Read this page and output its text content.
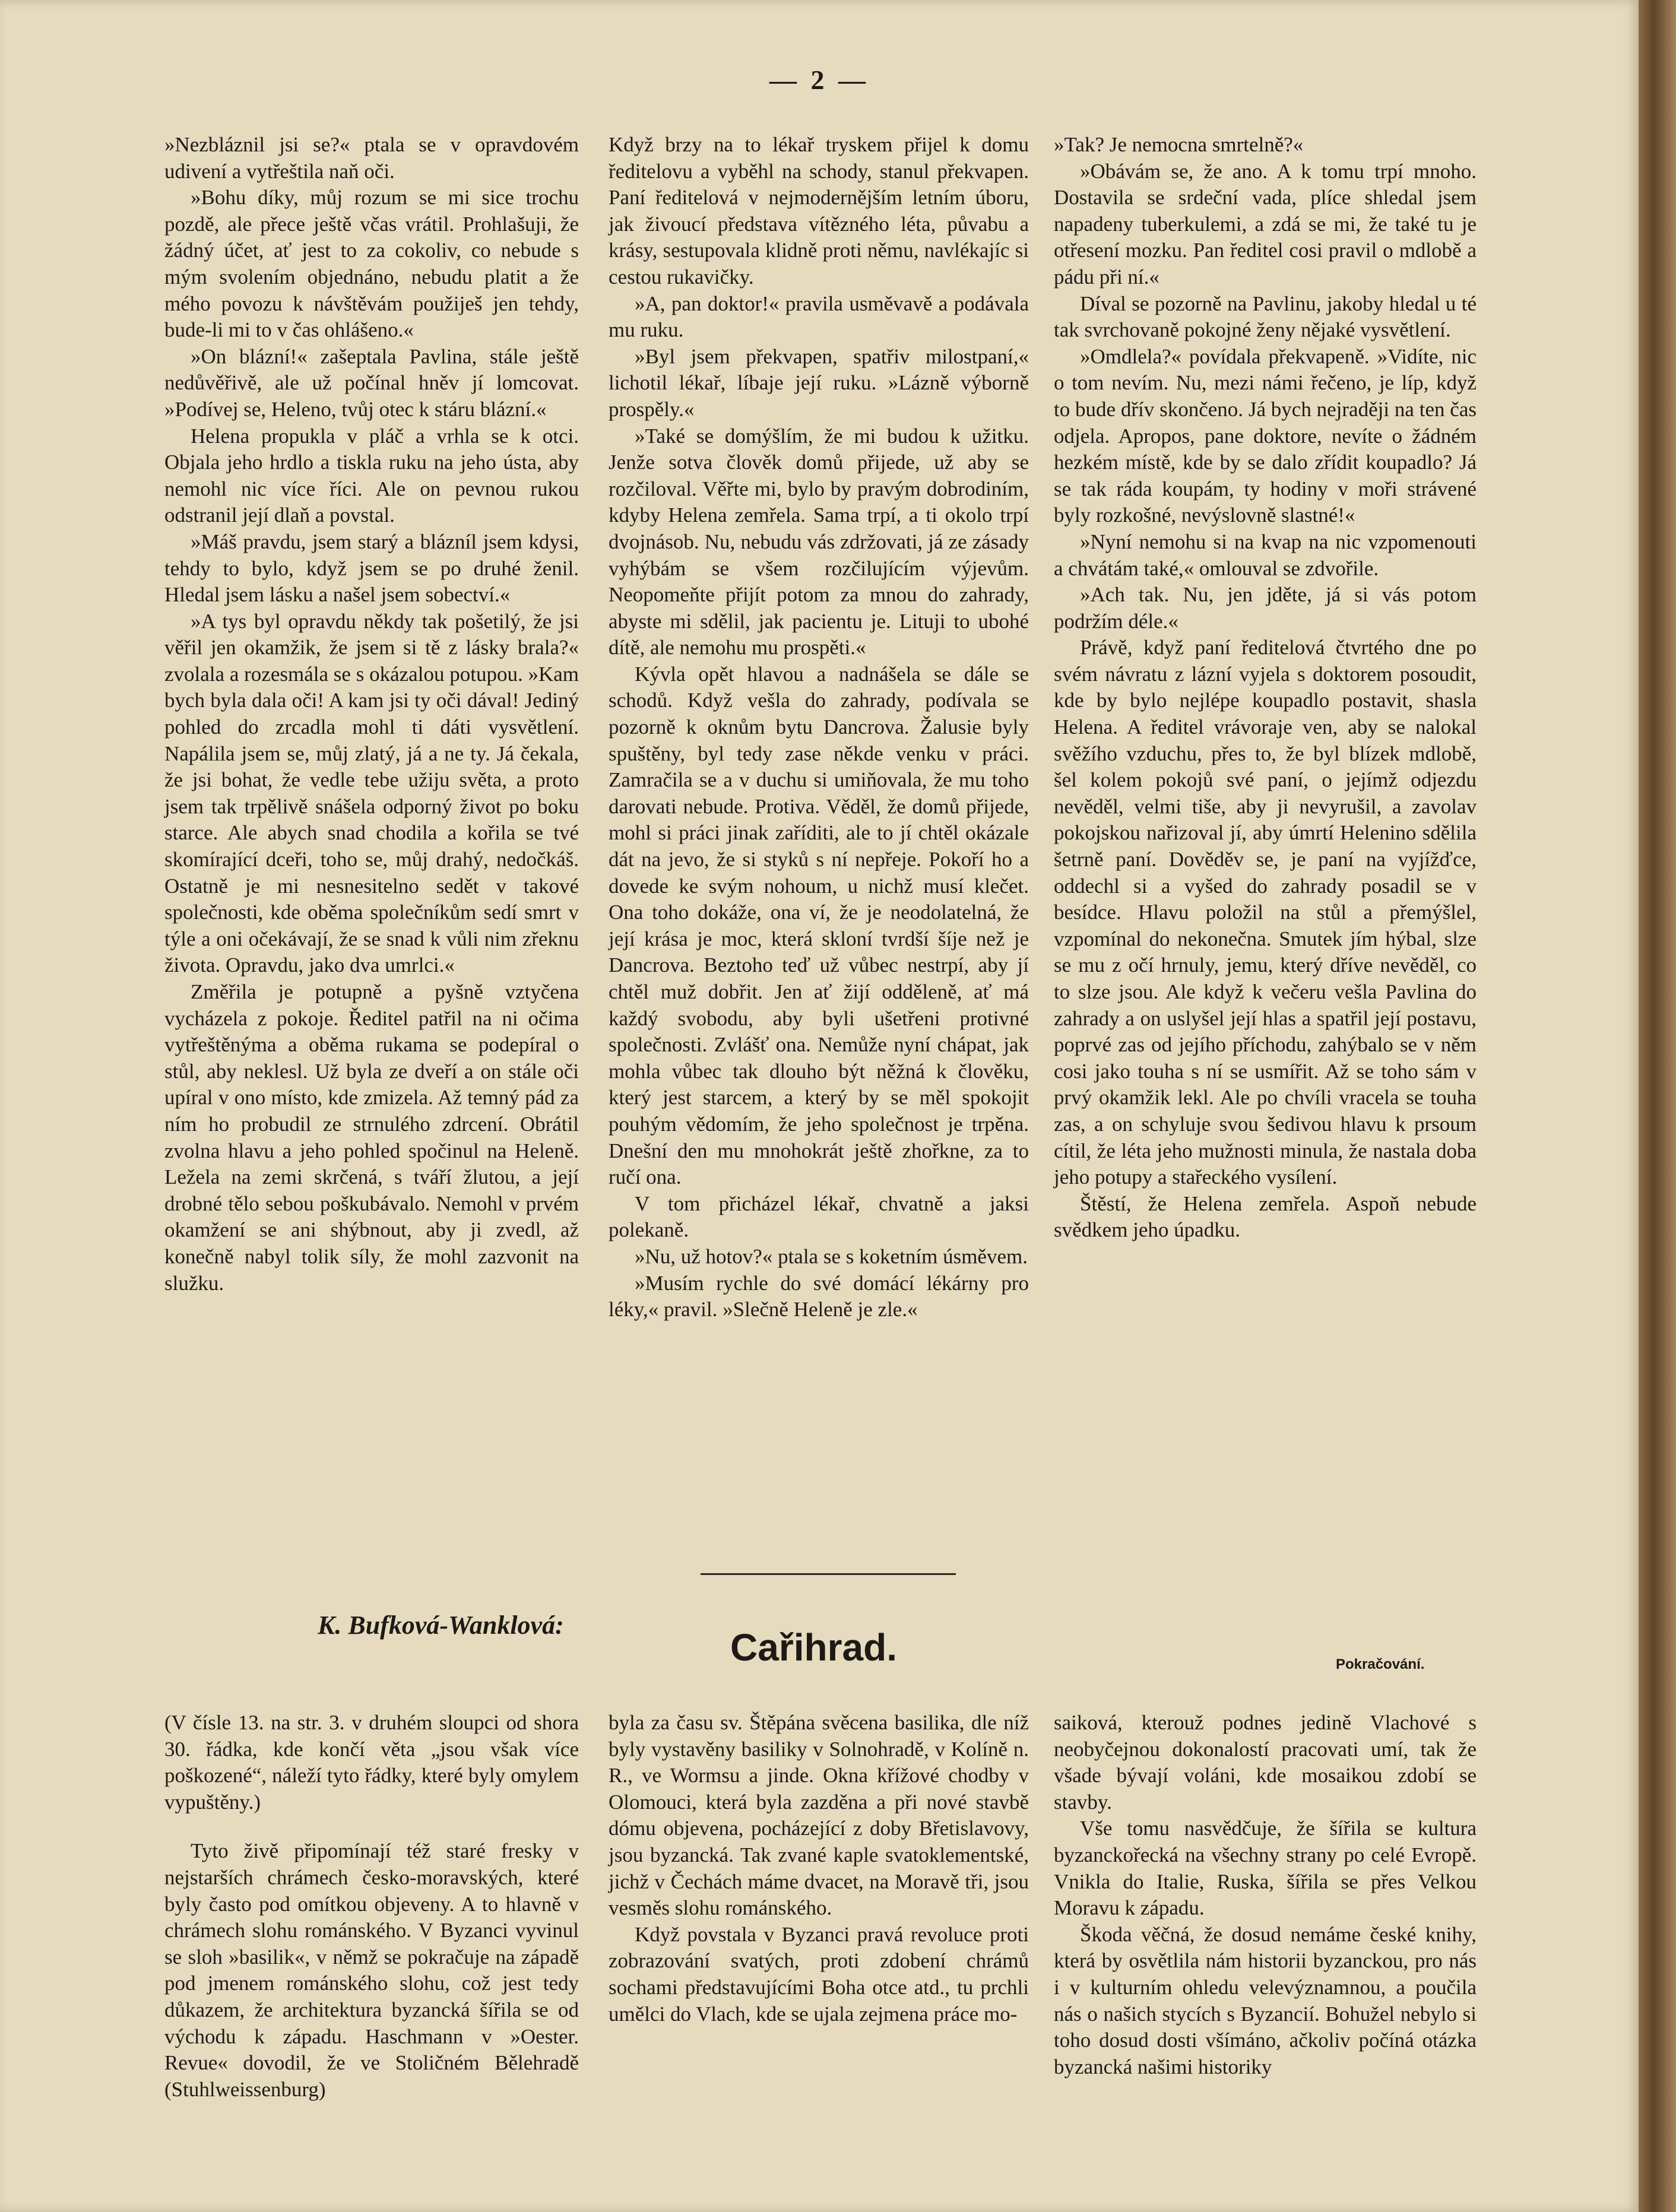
— 2 —

»Nezbláznil jsi se?« ptala se v opravdovém udivení a vytřeštila naň oči.

»Bohu díky, můj rozum se mi sice trochu pozdě, ale přece ještě včas vrátil. Prohlašuji, že žádný účet, ať jest to za cokoliv, co nebude s mým svolením objednáno, nebudu platit a že mého povozu k návštěvám použiješ jen tehdy, bude-li mi to v čas ohlášeno.«

»On blázní!« zašeptala Pavlina, stále ještě nedůvěřivě, ale už počínal hněv jí lomcovat. »Podívej se, Heleno, tvůj otec k stáru blázní.«

Helena propukla v pláč a vrhla se k otci. Objala jeho hrdlo a tiskla ruku na jeho ústa, aby nemohl nic více říci. Ale on pevnou rukou odstranil její dlaň a povstal.

»Máš pravdu, jsem starý a blázníl jsem kdysi, tehdy to bylo, když jsem se po druhé ženil. Hledal jsem lásku a našel jsem sobectví.«

»A tys byl opravdu někdy tak pošetilý, že jsi věřil jen okamžik, že jsem si tě z lásky brala?« zvolala a rozesmála se s okázalou potupou. »Kam bych byla dala oči! A kam jsi ty oči dával! Jediný pohled do zrcadla mohl ti dáti vysvětlení. Napálila jsem se, můj zlatý, já a ne ty. Já čekala, že jsi bohat, že vedle tebe užiju světa, a proto jsem tak trpělivě snášela odporný život po boku starce. Ale abych snad chodila a kořila se tvé skomírající dceři, toho se, můj drahý, nedočkáš. Ostatně je mi nesnesitelno sedět v takové společnosti, kde oběma společníkům sedí smrt v týle a oni očekávají, že se snad k vůli nim zřeknu života. Opravdu, jako dva umrlci.«

Změřila je potupně a pyšně vztyčena vycházela z pokoje. Ředitel patřil na ni očima vytřeštěnýma a oběma rukama se podepíral o stůl, aby neklesl. Už byla ze dveří a on stále oči upíral v ono místo, kde zmizela. Až temný pád za ním ho probudil ze strnulého zdrcení. Obrátil zvolna hlavu a jeho pohled spočinul na Heleně. Ležela na zemi skrčená, s tváří žlutou, a její drobné tělo sebou poškubávalo. Nemohl v prvém okamžení se ani shýbnout, aby ji zvedl, až konečně nabyl tolik síly, že mohl zazvonit na služku.

Když brzy na to lékař tryskem přijel k domu ředitelovu a vyběhl na schody, stanul překvapen. Paní ředitelová v nejmodernějším letním úboru, jak živoucí představa vítězného léta, půvabu a krásy, sestupovala klidně proti němu, navlékajíc si cestou rukavičky.

»A, pan doktor!« pravila usměvavě a podávala mu ruku.

»Byl jsem překvapen, spatřiv milostpaní,« lichotil lékař, líbaje její ruku. »Lázně výborně prospěly.«

»Také se domýšlím, že mi budou k užitku. Jenže sotva člověk domů přijede, už aby se rozčiloval. Věřte mi, bylo by pravým dobrodiním, kdyby Helena zemřela. Sama trpí, a ti okolo trpí dvojnásob. Nu, nebudu vás zdržovati, já ze zásady vyhýbám se všem rozčilujícím výjevům. Neopomeňte přijít potom za mnou do zahrady, abyste mi sdělil, jak pacientu je. Lituji to ubohé dítě, ale nemohu mu prospěti.«

Kývla opět hlavou a nadnášela se dále se schodů. Když vešla do zahrady, podívala se pozorně k oknům bytu Dancrova. Žalusie byly spuštěny, byl tedy zase někde venku v práci. Zamračila se a v duchu si umiňovala, že mu toho darovati nebude. Protiva. Věděl, že domů přijede, mohl si práci jinak zaříditi, ale to jí chtěl okázale dát na jevo, že si styků s ní nepřeje. Pokoří ho a dovede ke svým nohoum, u nichž musí klečet. Ona toho dokáže, ona ví, že je neodolatelná, že její krása je moc, která skloní tvrdší šíje než je Dancrova. Beztoho teď už vůbec nestrpí, aby jí chtěl muž dobřit. Jen ať žijí odděleně, ať má každý svobodu, aby byli ušetřeni protivné společnosti. Zvlášť ona. Nemůže nyní chápat, jak mohla vůbec tak dlouho být něžná k člověku, který jest starcem, a který by se měl spokojit pouhým vědomím, že jeho společnost je trpěna. Dnešní den mu mnohokrát ještě zhořkne, za to ručí ona.

V tom přicházel lékař, chvatně a jaksi polekaně.

»Nu, už hotov?« ptala se s koketním úsměvem.

»Musím rychle do své domácí lékárny pro léky,« pravil. »Slečně Heleně je zle.«

»Tak? Je nemocna smrtelně?«

»Obávám se, že ano. A k tomu trpí mnoho. Dostavila se srdeční vada, plíce shledal jsem napadeny tuberkulemi, a zdá se mi, že také tu je otřesení mozku. Pan ředitel cosi pravil o mdlobě a pádu při ní.«

Díval se pozorně na Pavlinu, jakoby hledal u té tak svrchovaně pokojné ženy nějaké vysvětlení.

»Omdlela?« povídala překvapeně. »Vidíte, nic o tom nevím. Nu, mezi námi řečeno, je líp, když to bude dřív skončeno. Já bych nejraději na ten čas odjela. Apropos, pane doktore, nevíte o žádném hezkém místě, kde by se dalo zřídit koupadlo? Já se tak ráda koupám, ty hodiny v moři strávené byly rozkošné, nevýslovně slastné!«

»Nyní nemohu si na kvap na nic vzpomenouti a chvátám také,« omlouval se zdvořile.

»Ach tak. Nu, jen jděte, já si vás potom podržím déle.«

Právě, když paní ředitelová čtvrtého dne po svém návratu z lázní vyjela s doktorem posoudit, kde by bylo nejlépe koupadlo postavit, shasla Helena. A ředitel vrávoraje ven, aby se nalokal svěžího vzduchu, přes to, že byl blízek mdlobě, šel kolem pokojů své paní, o jejímž odjezdu nevěděl, velmi tiše, aby ji nevyrušil, a zavolav pokojskou nařizoval jí, aby úmrtí Helenino sdělila šetrně paní. Dověděv se, je paní na vyjížďce, oddechl si a vyšed do zahrady posadil se v besídce. Hlavu položil na stůl a přemýšlel, vzpomínal do nekonečna. Smutek jím hýbal, slze se mu z očí hrnuly, jemu, který dříve nevěděl, co to slze jsou. Ale když k večeru vešla Pavlina do zahrady a on uslyšel její hlas a spatřil její postavu, poprvé zas od jejího příchodu, zahýbalo se v něm cosi jako touha s ní se usmířit. Až se toho sám v prvý okamžik lekl. Ale po chvíli vracela se touha zas, a on schyluje svou šedivou hlavu k prsoum cítil, že léta jeho mužnosti minula, že nastala doba jeho potupy a stařeckého vysílení.

Štěstí, že Helena zemřela. Aspoň nebude svědkem jeho úpadku.

K. Bufková-Wanklová:
Cařihrad.	Pokračování.

(V čísle 13. na str. 3. v druhém sloupci od shora 30. řádka, kde končí věta „jsou však více poškozené“, náleží tyto řádky, které byly omylem vypuštěny.)

Tyto živě připomínají též staré fresky v nejstarších chrámech česko-moravských, které byly často pod omítkou objeveny. A to hlavně v chrámech slohu románského. V Byzanci vyvinul se sloh »basilik«, v němž se pokračuje na západě pod jmenem románského slohu, což jest tedy důkazem, že architektura byzancká šířila se od východu k západu. Haschmann v »Oester. Revue« dovodil, že ve Stoličném Bělehradě (Stuhlweissenburg)

byla za času sv. Štěpána svěcena basilika, dle níž byly vystavěny basiliky v Solnohradě, v Kolíně n. R., ve Wormsu a jinde. Okna křížové chodby v Olomouci, která byla zazděna a při nové stavbě dómu objevena, pocházející z doby Břetislavovy, jsou byzancká. Tak zvané kaple svatoklementské, jichž v Čechách máme dvacet, na Moravě tři, jsou vesměs slohu románského.

Když povstala v Byzanci pravá revoluce proti zobrazování svatých, proti zdobení chrámů sochami představujícími Boha otce atd., tu prchli umělci do Vlach, kde se ujala zejmena práce mo-

saiková, kterouž podnes jedině Vlachové s neobyčejnou dokonalostí pracovati umí, tak že všade bývají voláni, kde mosaikou zdobí se stavby.

Vše tomu nasvědčuje, že šířila se kultura byzanckořecká na všechny strany po celé Evropě. Vnikla do Italie, Ruska, šířila se přes Velkou Moravu k západu.

Škoda věčná, že dosud nemáme české knihy, která by osvětlila nám historii byzanckou, pro nás i v kulturním ohledu velevýznamnou, a poučila nás o našich stycích s Byzancií. Bohužel nebylo si toho dosud dosti všímáno, ačkoliv počíná otázka byzancká našimi historiky
